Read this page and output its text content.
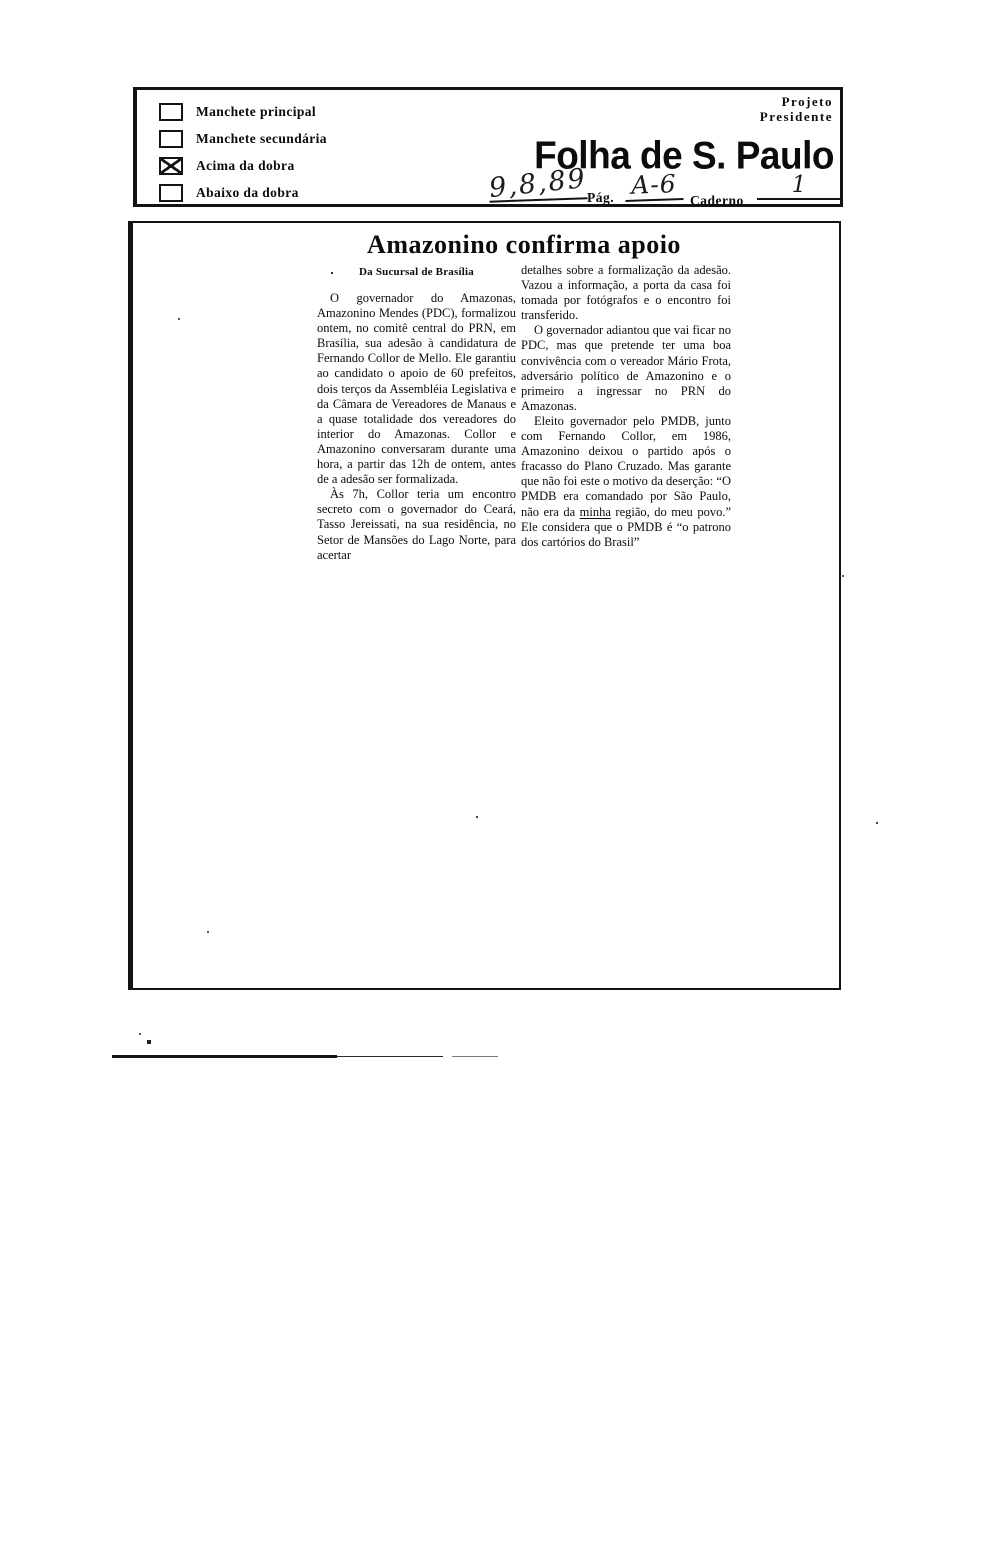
Manchete principal
Manchete secundária
Acima da dobra
Abaixo da dobra
Projeto
Presidente
Folha de S. Paulo
9,8,89
Pág. A-6
Caderno
1
Amazonino confirma apoio
Da Sucursal de Brasília

O governador do Amazonas, Amazonino Mendes (PDC), formalizou ontem, no comitê central do PRN, em Brasília, sua adesão à candidatura de Fernando Collor de Mello. Ele garantiu ao candidato o apoio de 60 prefeitos, dois terços da Assembléia Legislativa e da Câmara de Vereadores de Manaus e a quase totalidade dos vereadores do interior do Amazonas. Collor e Amazonino conversaram durante uma hora, a partir das 12h de ontem, antes de a adesão ser formalizada.

Às 7h, Collor teria um encontro secreto com o governador do Ceará, Tasso Jereissati, na sua residência, no Setor de Mansões do Lago Norte, para acertar

detalhes sobre a formalização da adesão. Vazou a informação, a porta da casa foi tomada por fotógrafos e o encontro foi transferido.

O governador adiantou que vai ficar no PDC, mas que pretende ter uma boa convivência com o vereador Mário Frota, adversário político de Amazonino e o primeiro a ingressar no PRN do Amazonas.

Eleito governador pelo PMDB, junto com Fernando Collor, em 1986, Amazonino deixou o partido após o fracasso do Plano Cruzado. Mas garante que não foi este o motivo da deserção: “O PMDB era comandado por São Paulo, não era da minha região, do meu povo.” Ele considera que o PMDB é “o patrono dos cartórios do Brasil”
